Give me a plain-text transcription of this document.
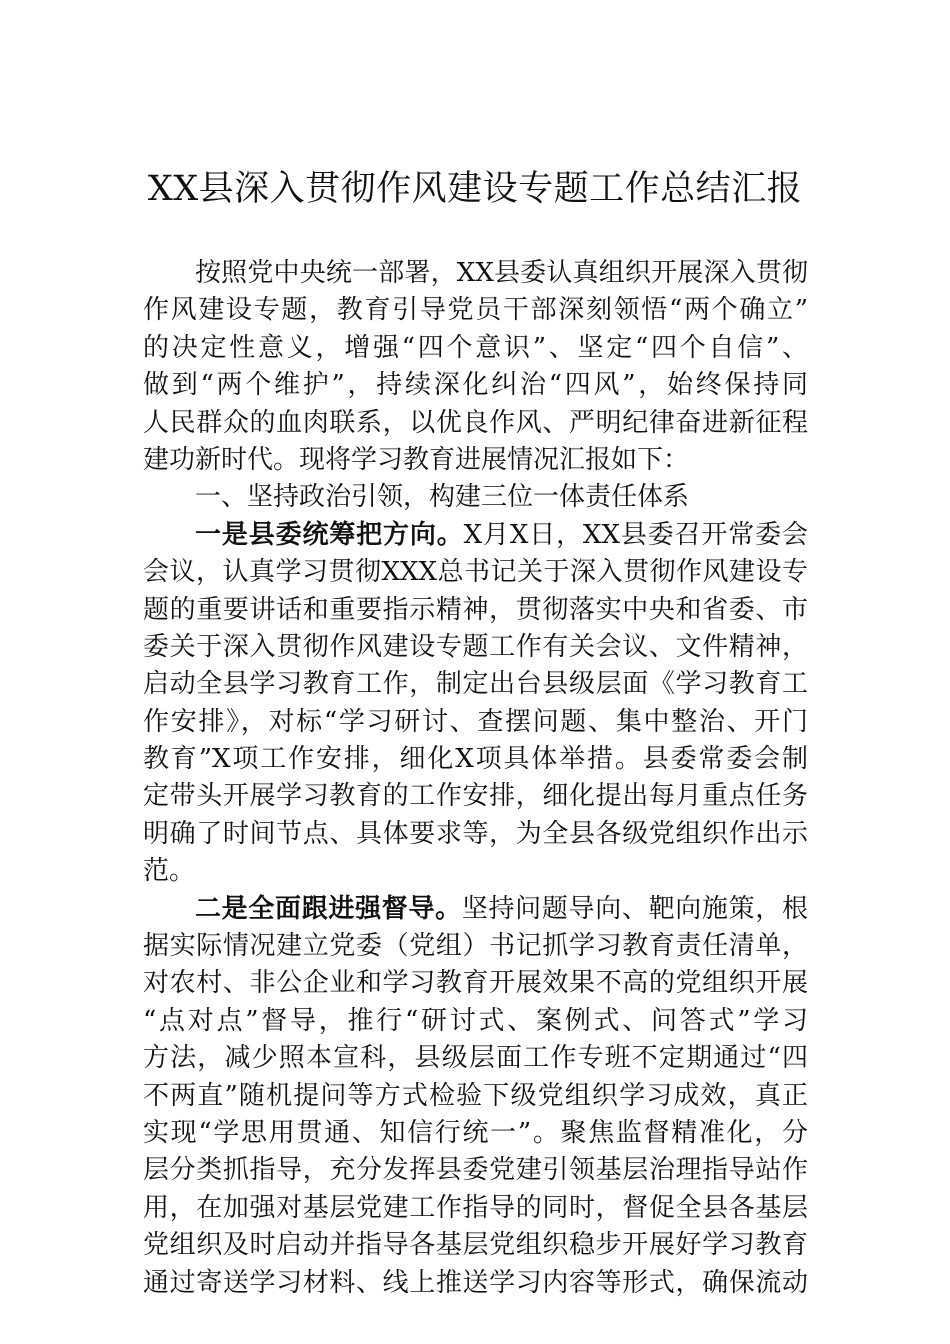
XX县深入贯彻作风建设专题工作总结汇报
按照党中央统一部署，XX县委认真组织开展深入贯彻
作风建设专题，教育引导党员干部深刻领悟“两个确立”
的决定性意义，增强“四个意识”、坚定“四个自信”、
做到“两个维护”，持续深化纠治“四风”，始终保持同
人民群众的血肉联系，以优良作风、严明纪律奋进新征程
建功新时代。现将学习教育进展情况汇报如下：
一、坚持政治引领，构建三位一体责任体系
一是县委统筹把方向。X月X日，XX县委召开常委会
会议，认真学习贯彻XXX总书记关于深入贯彻作风建设专
题的重要讲话和重要指示精神，贯彻落实中央和省委、市
委关于深入贯彻作风建设专题工作有关会议、文件精神，
启动全县学习教育工作，制定出台县级层面《学习教育工
作安排》，对标“学习研讨、查摆问题、集中整治、开门
教育”X项工作安排，细化X项具体举措。县委常委会制
定带头开展学习教育的工作安排，细化提出每月重点任务
明确了时间节点、具体要求等，为全县各级党组织作出示
范。
二是全面跟进强督导。坚持问题导向、靶向施策，根
据实际情况建立党委（党组）书记抓学习教育责任清单，
对农村、非公企业和学习教育开展效果不高的党组织开展
“点对点”督导，推行“研讨式、案例式、问答式”学习
方法，减少照本宣科，县级层面工作专班不定期通过“四
不两直”随机提问等方式检验下级党组织学习成效，真正
实现“学思用贯通、知信行统一”。聚焦监督精准化，分
层分类抓指导，充分发挥县委党建引领基层治理指导站作
用，在加强对基层党建工作指导的同时，督促全县各基层
党组织及时启动并指导各基层党组织稳步开展好学习教育
通过寄送学习材料、线上推送学习内容等形式，确保流动
